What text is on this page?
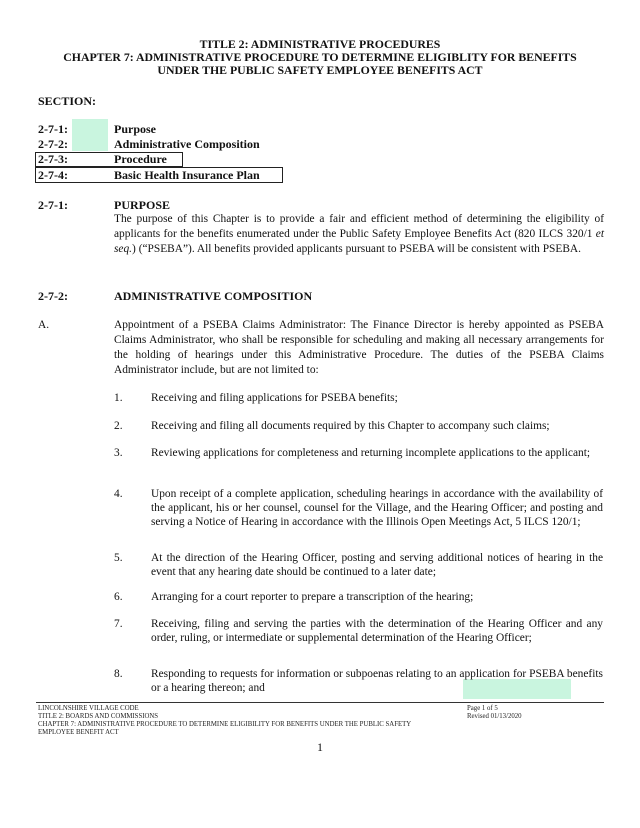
TITLE 2: ADMINISTRATIVE PROCEDURES
CHAPTER 7: ADMINISTRATIVE PROCEDURE TO DETERMINE ELIGIBLITY FOR BENEFITS
UNDER THE PUBLIC SAFETY EMPLOYEE BENEFITS ACT
SECTION:
2-7-1:	Purpose
2-7-2:	Administrative Composition
2-7-3:	Procedure
2-7-4:	Basic Health Insurance Plan
2-7-1:	PURPOSE
The purpose of this Chapter is to provide a fair and efficient method of determining the eligibility of applicants for the benefits enumerated under the Public Safety Employee Benefits Act (820 ILCS 320/1 et seq.) (“PSEBA”). All benefits provided applicants pursuant to PSEBA will be consistent with PSEBA.
2-7-2:	ADMINISTRATIVE COMPOSITION
A.	Appointment of a PSEBA Claims Administrator: The Finance Director is hereby appointed as PSEBA Claims Administrator, who shall be responsible for scheduling and making all necessary arrangements for the holding of hearings under this Administrative Procedure. The duties of the PSEBA Claims Administrator include, but are not limited to:
1. Receiving and filing applications for PSEBA benefits;
2. Receiving and filing all documents required by this Chapter to accompany such claims;
3. Reviewing applications for completeness and returning incomplete applications to the applicant;
4. Upon receipt of a complete application, scheduling hearings in accordance with the availability of the applicant, his or her counsel, counsel for the Village, and the Hearing Officer; and posting and serving a Notice of Hearing in accordance with the Illinois Open Meetings Act, 5 ILCS 120/1;
5. At the direction of the Hearing Officer, posting and serving additional notices of hearing in the event that any hearing date should be continued to a later date;
6. Arranging for a court reporter to prepare a transcription of the hearing;
7. Receiving, filing and serving the parties with the determination of the Hearing Officer and any order, ruling, or intermediate or supplemental determination of the Hearing Officer;
8. Responding to requests for information or subpoenas relating to an application for PSEBA benefits or a hearing thereon; and
LINCOLNSHIRE VILLAGE CODE
TITLE 2: BOARDS AND COMMISSIONS
CHAPTER 7: ADMINISTRATIVE PROCEDURE TO DETERMINE ELIGIBILITY FOR BENEFITS UNDER THE PUBLIC SAFETY
EMPLOYEE BENEFIT ACT
Page 1 of 5
Revised 01/13/2020
1
